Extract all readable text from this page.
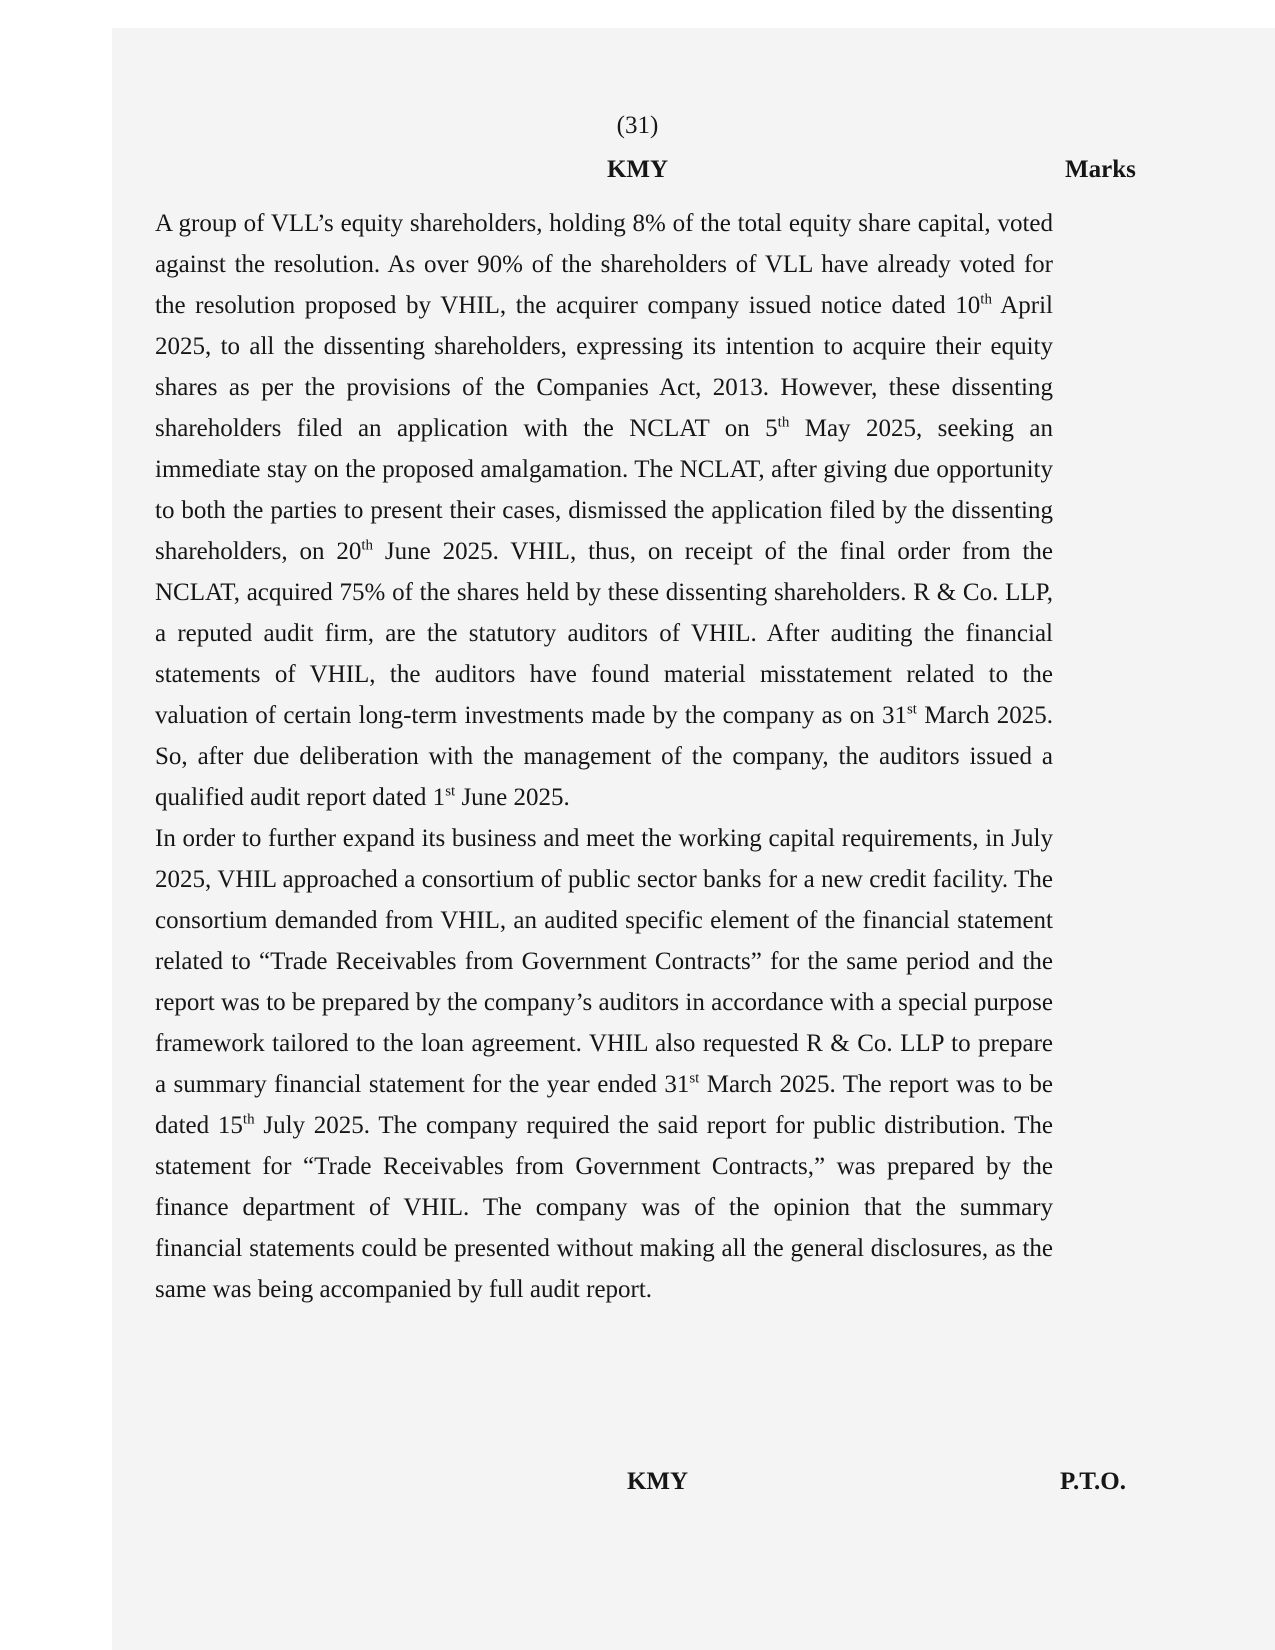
(31)
KMY	Marks

A group of VLL’s equity shareholders, holding 8% of the total equity share capital, voted against the resolution. As over 90% of the shareholders of VLL have already voted for the resolution proposed by VHIL, the acquirer company issued notice dated 10th April 2025, to all the dissenting shareholders, expressing its intention to acquire their equity shares as per the provisions of the Companies Act, 2013. However, these dissenting shareholders filed an application with the NCLAT on 5th May 2025, seeking an immediate stay on the proposed amalgamation. The NCLAT, after giving due opportunity to both the parties to present their cases, dismissed the application filed by the dissenting shareholders, on 20th June 2025. VHIL, thus, on receipt of the final order from the NCLAT, acquired 75% of the shares held by these dissenting shareholders. R & Co. LLP, a reputed audit firm, are the statutory auditors of VHIL. After auditing the financial statements of VHIL, the auditors have found material misstatement related to the valuation of certain long-term investments made by the company as on 31st March 2025. So, after due deliberation with the management of the company, the auditors issued a qualified audit report dated 1st June 2025.

In order to further expand its business and meet the working capital requirements, in July 2025, VHIL approached a consortium of public sector banks for a new credit facility. The consortium demanded from VHIL, an audited specific element of the financial statement related to “Trade Receivables from Government Contracts” for the same period and the report was to be prepared by the company’s auditors in accordance with a special purpose framework tailored to the loan agreement. VHIL also requested R & Co. LLP to prepare a summary financial statement for the year ended 31st March 2025. The report was to be dated 15th July 2025. The company required the said report for public distribution. The statement for “Trade Receivables from Government Contracts,” was prepared by the finance department of VHIL. The company was of the opinion that the summary financial statements could be presented without making all the general disclosures, as the same was being accompanied by full audit report.

KMY	P.T.O.
